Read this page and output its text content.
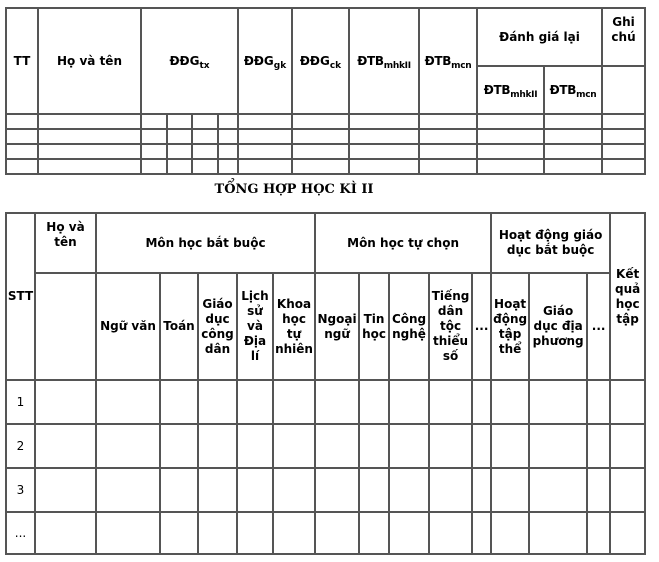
TT	Họ và tên	$ĐĐG_{tx}$				$ĐĐG_{gk}$	$ĐĐG_{ck}$	$ĐTB_{mhkII}$	$ĐTB_{mcn}$	Đánh giá lại		Ghi chú
										$ĐTB_{mhkII}$	$ĐTB_{mcn}$	

TỔNG HỢP HỌC KÌ II
STT	Họ và tên	Môn học bắt buộc					Môn học tự chọn					Hoạt động giáo dục bắt buộc			Kết quả học tập
		Ngữ văn	Toán	Giáo dục công dân	Lịch sử và Địa lí	Khoa học tự nhiên	Ngoại ngữ	Tin học	Công nghệ	Tiếng dân tộc thiểu số	...	Hoạt động tập thể	Giáo dục địa phương	...	
1															
2															
3															
...															
